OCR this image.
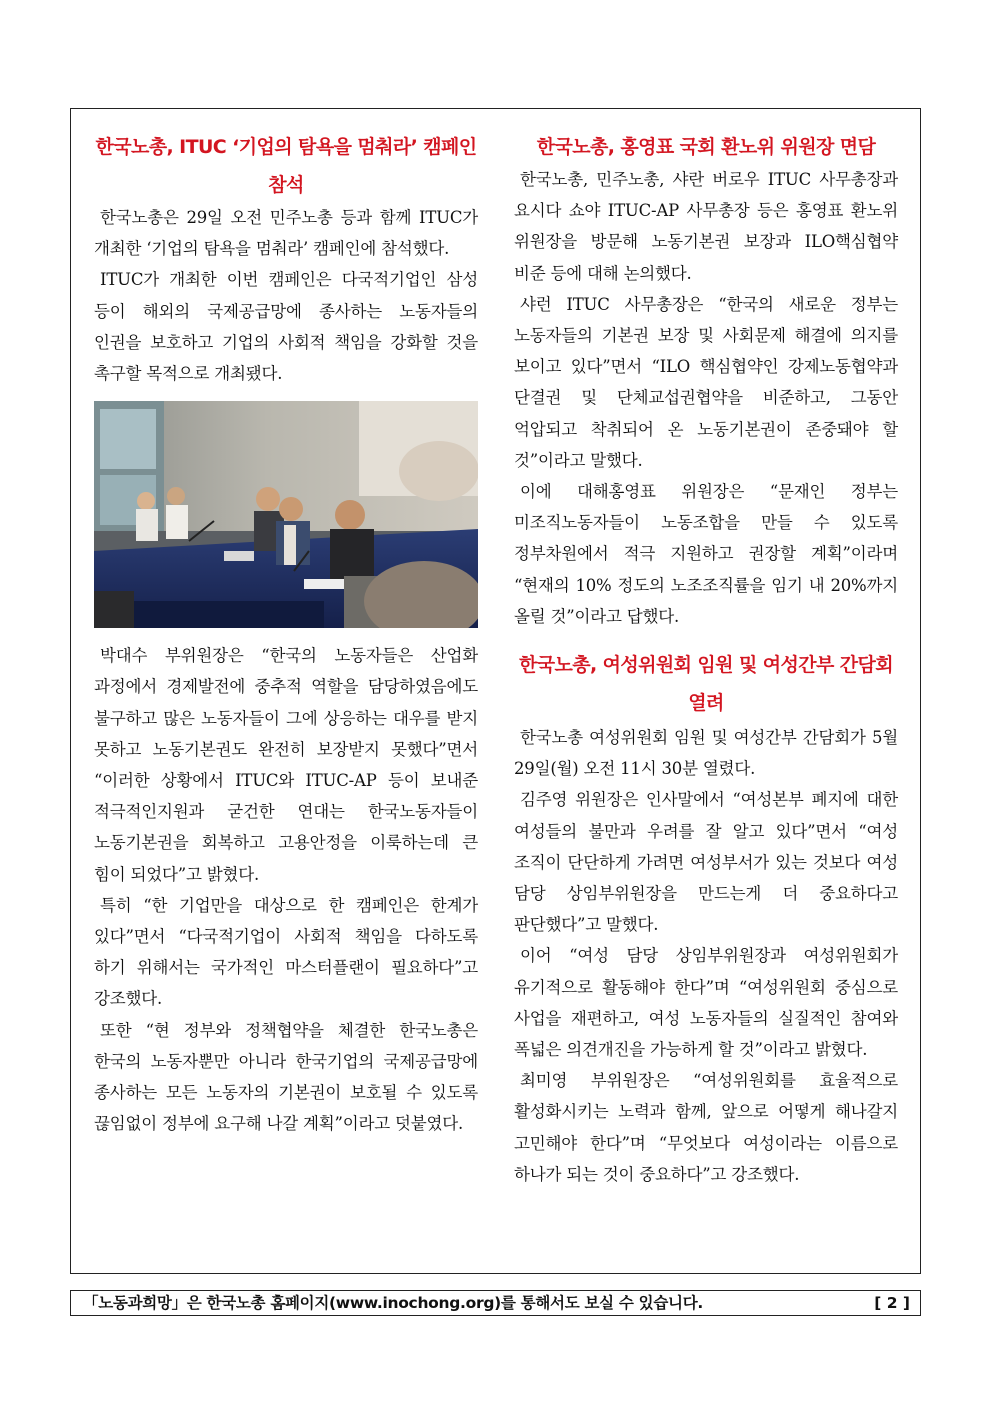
한국노총, ITUC ‘기업의 탐욕을 멈춰라’ 캠페인 참석

한국노총은 29일 오전 민주노총 등과 함께 ITUC가 개최한 ‘기업의 탐욕을 멈춰라’ 캠페인에 참석했다.

ITUC가 개최한 이번 캠페인은 다국적기업인 삼성 등이 해외의 국제공급망에 종사하는 노동자들의 인권을 보호하고 기업의 사회적 책임을 강화할 것을 촉구할 목적으로 개최됐다.

박대수 부위원장은 “한국의 노동자들은 산업화 과정에서 경제발전에 중추적 역할을 담당하였음에도 불구하고 많은 노동자들이 그에 상응하는 대우를 받지 못하고 노동기본권도 완전히 보장받지 못했다”면서 “이러한 상황에서 ITUC와 ITUC-AP 등이 보내준 적극적인지원과 굳건한 연대는 한국노동자들이 노동기본권을 회복하고 고용안정을 이룩하는데 큰 힘이 되었다”고 밝혔다.

특히 “한 기업만을 대상으로 한 캠페인은 한계가 있다”면서 “다국적기업이 사회적 책임을 다하도록 하기 위해서는 국가적인 마스터플랜이 필요하다”고 강조했다.

또한 “현 정부와 정책협약을 체결한 한국노총은 한국의 노동자뿐만 아니라 한국기업의 국제공급망에 종사하는 모든 노동자의 기본권이 보호될 수 있도록 끊임없이 정부에 요구해 나갈 계획”이라고 덧붙였다.

한국노총, 홍영표 국회 환노위 위원장 면담

한국노총, 민주노총, 샤란 버로우 ITUC 사무총장과 요시다 쇼야 ITUC-AP 사무총장 등은 홍영표 환노위 위원장을 방문해 노동기본권 보장과 ILO핵심협약 비준 등에 대해 논의했다.

샤런 ITUC 사무총장은 “한국의 새로운 정부는 노동자들의 기본권 보장 및 사회문제 해결에 의지를 보이고 있다”면서 “ILO 핵심협약인 강제노동협약과 단결권 및 단체교섭권협약을 비준하고, 그동안 억압되고 착취되어 온 노동기본권이 존중돼야 할 것”이라고 말했다.

이에 대해홍영표 위원장은 “문재인 정부는 미조직노동자들이 노동조합을 만들 수 있도록 정부차원에서 적극 지원하고 권장할 계획”이라며 “현재의 10% 정도의 노조조직률을 임기 내 20%까지 올릴 것”이라고 답했다.

한국노총, 여성위원회 임원 및 여성간부 간담회 열려

한국노총 여성위원회 임원 및 여성간부 간담회가 5월 29일(월) 오전 11시 30분 열렸다.

김주영 위원장은 인사말에서 “여성본부 폐지에 대한 여성들의 불만과 우려를 잘 알고 있다”면서 “여성 조직이 단단하게 가려면 여성부서가 있는 것보다 여성 담당 상임부위원장을 만드는게 더 중요하다고 판단했다”고 말했다.

이어 “여성 담당 상임부위원장과 여성위원회가 유기적으로 활동해야 한다”며 “여성위원회 중심으로 사업을 재편하고, 여성 노동자들의 실질적인 참여와 폭넓은 의견개진을 가능하게 할 것”이라고 밝혔다.

최미영 부위원장은 “여성위원회를 효율적으로 활성화시키는 노력과 함께, 앞으로 어떻게 해나갈지 고민해야 한다”며 “무엇보다 여성이라는 이름으로 하나가 되는 것이 중요하다”고 강조했다.

「노동과희망」은 한국노총 홈페이지(www.inochong.org)를 통해서도 보실 수 있습니다.	[ 2 ]
